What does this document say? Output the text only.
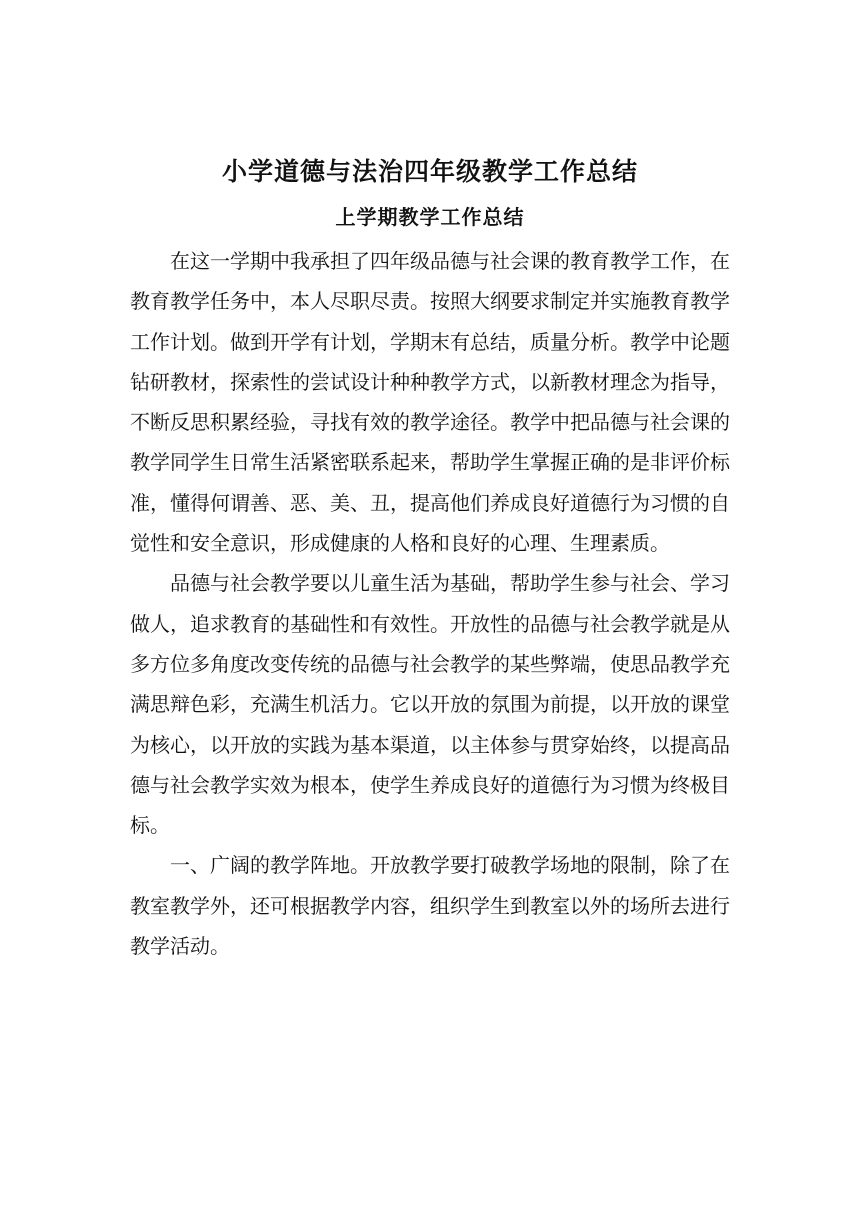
小学道德与法治四年级教学工作总结
上学期教学工作总结

在这一学期中我承担了四年级品德与社会课的教育教学工作，在教育教学任务中，本人尽职尽责。按照大纲要求制定并实施教育教学工作计划。做到开学有计划，学期末有总结，质量分析。教学中论题钻研教材，探索性的尝试设计种种教学方式，以新教材理念为指导，不断反思积累经验，寻找有效的教学途径。教学中把品德与社会课的教学同学生日常生活紧密联系起来，帮助学生掌握正确的是非评价标准，懂得何谓善、恶、美、丑，提高他们养成良好道德行为习惯的自觉性和安全意识，形成健康的人格和良好的心理、生理素质。

品德与社会教学要以儿童生活为基础，帮助学生参与社会、学习做人，追求教育的基础性和有效性。开放性的品德与社会教学就是从多方位多角度改变传统的品德与社会教学的某些弊端，使思品教学充满思辩色彩，充满生机活力。它以开放的氛围为前提，以开放的课堂为核心，以开放的实践为基本渠道，以主体参与贯穿始终，以提高品德与社会教学实效为根本，使学生养成良好的道德行为习惯为终极目标。

一、广阔的教学阵地。开放教学要打破教学场地的限制，除了在教室教学外，还可根据教学内容，组织学生到教室以外的场所去进行教学活动。
